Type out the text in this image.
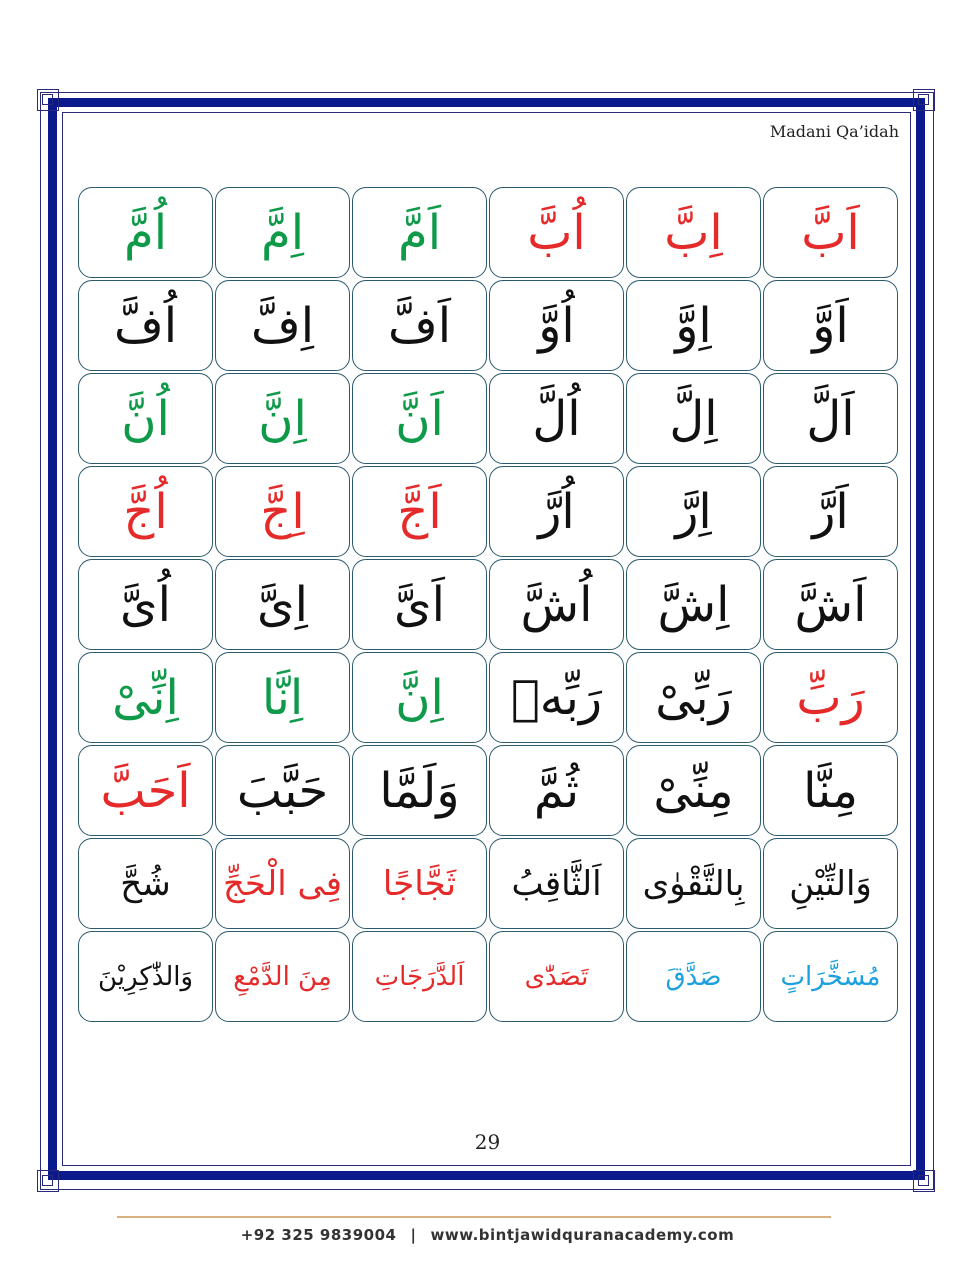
Madani Qa’idah
اَبَّ
اِبَّ
اُبَّ
اَمَّ
اِمَّ
اُمَّ
اَوَّ
اِوَّ
اُوَّ
اَفَّ
اِفَّ
اُفَّ
اَلَّ
اِلَّ
اُلَّ
اَنَّ
اِنَّ
اُنَّ
اَرَّ
اِرَّ
اُرَّ
اَجَّ
اِجَّ
اُجَّ
اَشَّ
اِشَّ
اُشَّ
اَیَّ
اِیَّ
اُیَّ
رَبِّ
رَبِّیْ
رَبِّهٖ
اِنَّ
اِنَّا
اِنِّیْ
مِنَّا
مِنِّیْ
ثُمَّ
وَلَمَّا
حَبَّبَ
اَحَبَّ
وَالتِّیْنِ
بِالتَّقْوٰی
اَلثَّاقِبُ
ثَجَّاجًا
فِی الْحَجِّ
شُحَّ
مُسَخَّرَاتٍ
صَدَّقَ
تَصَدّٰی
اَلدَّرَجَاتِ
مِنَ الدَّمْعِ
وَالذّٰكِرِیْنَ
29
+92 325 9839004 | www.bintjawidquranacademy.com
